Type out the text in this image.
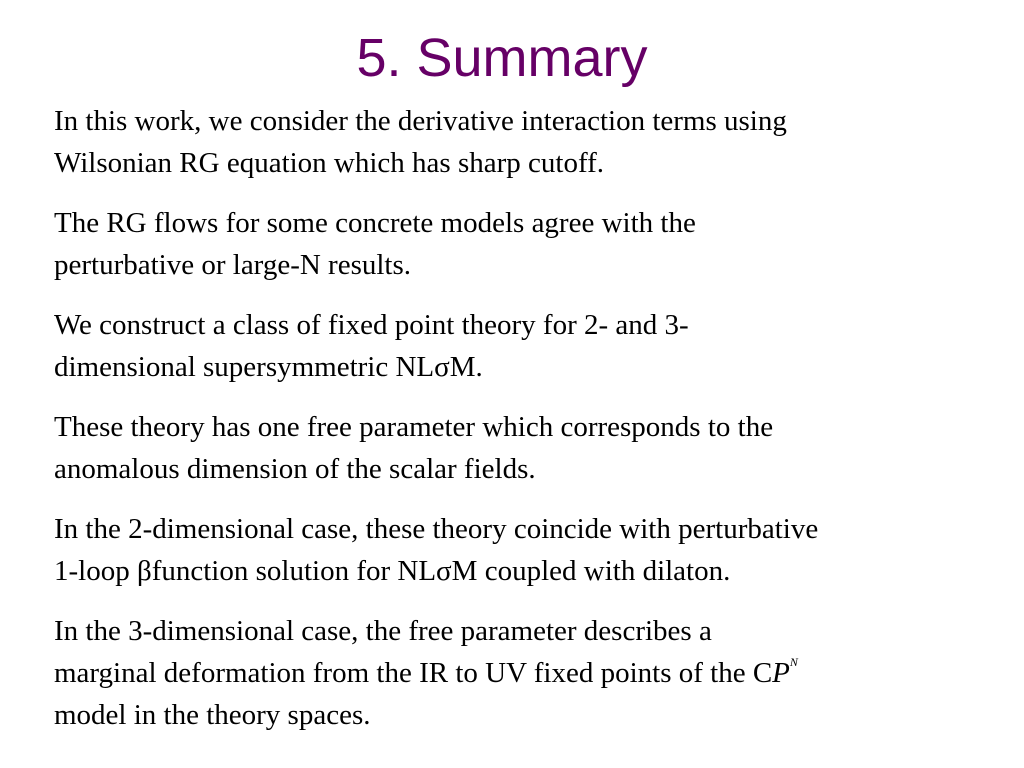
5. Summary
In this work, we consider the derivative interaction terms using
Wilsonian RG equation which has sharp cutoff.
The RG flows for some concrete models agree with the
perturbative or large-N results.
We construct a class of fixed point theory for 2- and 3-
dimensional supersymmetric NLσM.
These theory has one free parameter which corresponds to the
anomalous dimension of the scalar fields.
In the 2-dimensional case, these theory coincide with perturbative
1-loop βfunction solution for NLσM coupled with dilaton.
In the 3-dimensional case, the free parameter describes a
marginal deformation from the IR to UV fixed points of the $CP^N$
model in the theory spaces.
